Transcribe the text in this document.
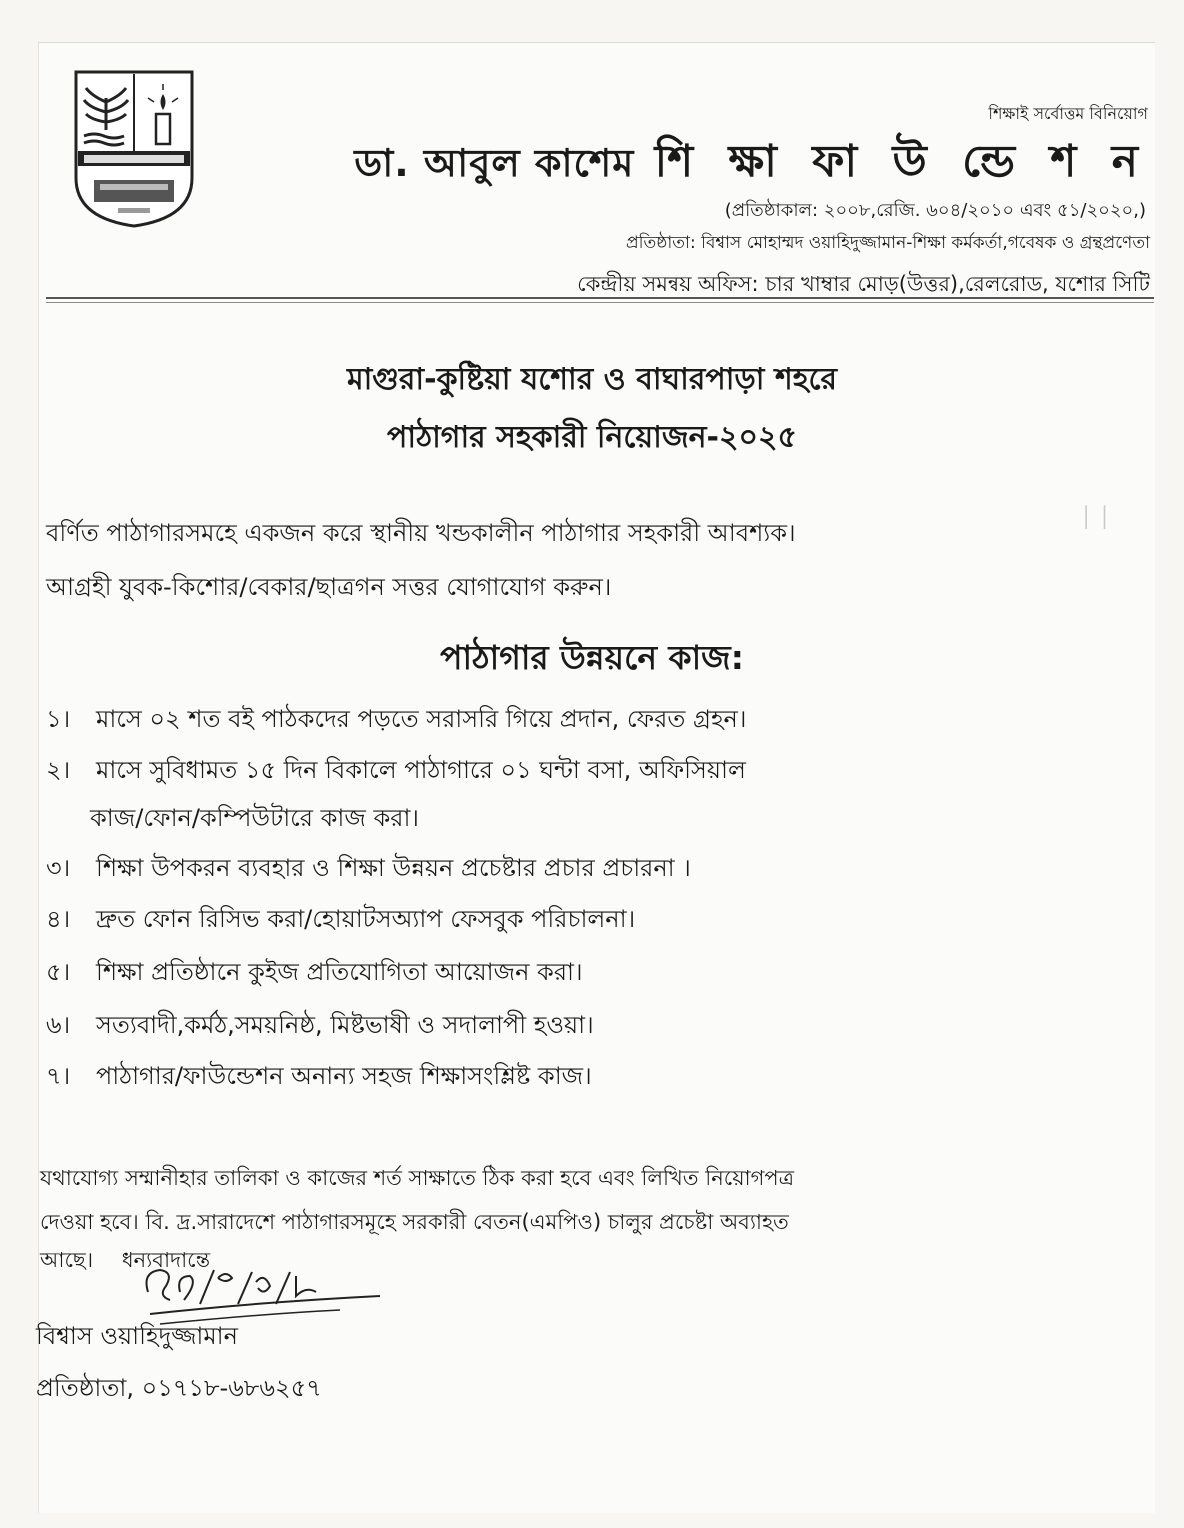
│ │
শিক্ষাই সর্বোত্তম বিনিয়োগ
ডা. আবুল কাশেম শি ক্ষা ফা উ ন্ডে শ ন
(প্রতিষ্ঠাকাল: ২০০৮,রেজি. ৬০৪/২০১০ এবং ৫১/২০২০,)
প্রতিষ্ঠাতা: বিশ্বাস মোহাম্মদ ওয়াহিদুজ্জামান-শিক্ষা কর্মকর্তা,গবেষক ও গ্রন্থপ্রণেতা
কেন্দ্রীয় সমন্বয় অফিস: চার খাম্বার মোড়(উত্তর),রেলরোড, যশোর সিটি
মাগুরা-কুষ্টিয়া যশোর ও বাঘারপাড়া শহরে
পাঠাগার সহকারী নিয়োজন-২০২৫
বর্ণিত পাঠাগারসমহে একজন করে স্থানীয় খন্ডকালীন পাঠাগার সহকারী আবশ্যক।
আগ্রহী যুবক-কিশোর/বেকার/ছাত্রগন সত্তর যোগাযোগ করুন।
পাঠাগার উন্নয়নে কাজ:
১। মাসে ০২ শত বই পাঠকদের পড়তে সরাসরি গিয়ে প্রদান, ফেরত গ্রহন।
২। মাসে সুবিধামত ১৫ দিন বিকালে পাঠাগারে ০১ ঘন্টা বসা, অফিসিয়াল
কাজ/ফোন/কম্পিউটারে কাজ করা।
৩। শিক্ষা উপকরন ব্যবহার ও শিক্ষা উন্নয়ন প্রচেষ্টার প্রচার প্রচারনা ।
৪। দ্রুত ফোন রিসিভ করা/হোয়াটসঅ্যাপ ফেসবুক পরিচালনা।
৫। শিক্ষা প্রতিষ্ঠানে কুইজ প্রতিযোগিতা আয়োজন করা।
৬। সত্যবাদী,কর্মঠ,সময়নিষ্ঠ, মিষ্টভাষী ও সদালাপী হওয়া।
৭। পাঠাগার/ফাউন্ডেশন অনান্য সহজ শিক্ষাসংশ্লিষ্ট কাজ।
যথাযোগ্য সম্মানীহার তালিকা ও কাজের শর্ত সাক্ষাতে ঠিক করা হবে এবং লিখিত নিয়োগপত্র
দেওয়া হবে। বি. দ্র.সারাদেশে পাঠাগারসমূহে সরকারী বেতন(এমপিও) চালুর প্রচেষ্টা অব্যাহত
আছে। ধন্যবাদান্তে
বিশ্বাস ওয়াহিদুজ্জামান
প্রতিষ্ঠাতা, ০১৭১৮-৬৮৬২৫৭
